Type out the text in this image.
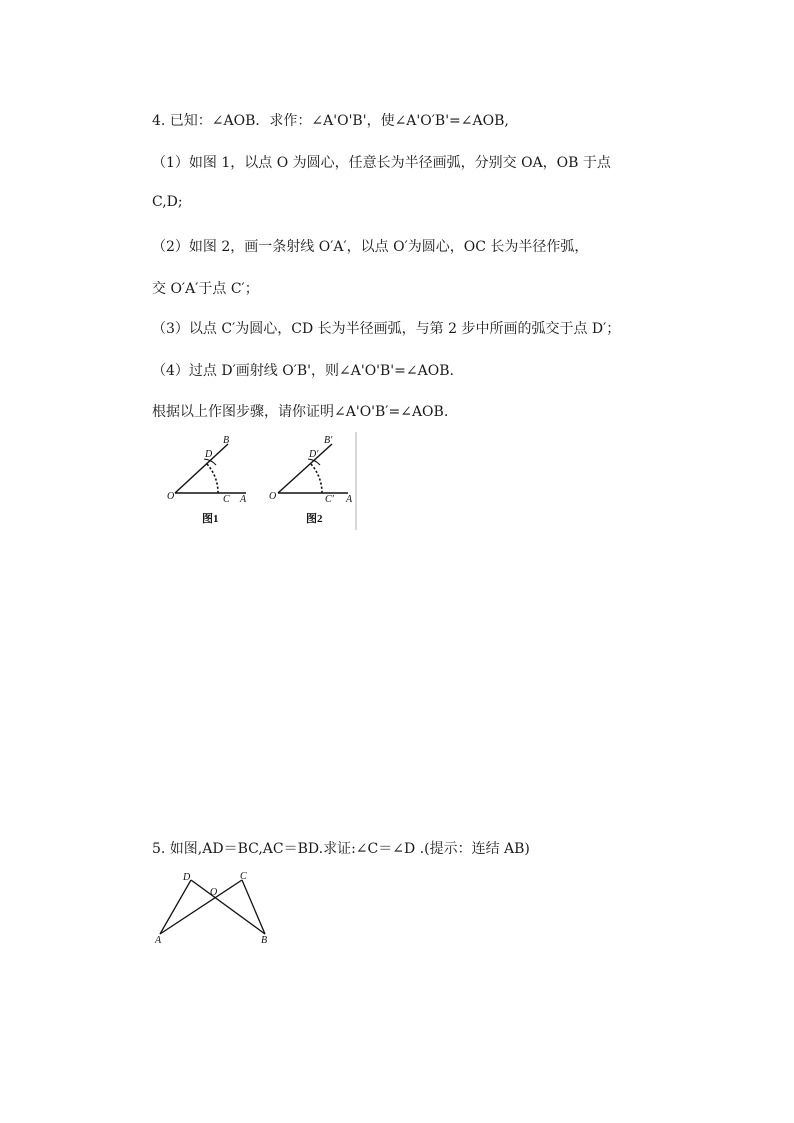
4. 已知：∠AOB．求作：∠A'O'B'，使∠A'O′B'=∠AOB,
（1）如图 1，以点 O 为圆心，任意长为半径画弧，分别交 OA，OB 于点
C,D;
（2）如图 2，画一条射线 O′A′，以点 O′为圆心，OC 长为半径作弧，
交 O′A′于点 C′；
（3）以点 C′为圆心，CD 长为半径画弧，与第 2 步中所画的弧交于点 D′；
（4）过点 D′画射线 O′B'，则∠A'O'B'=∠AOB.
根据以上作图步骤，请你证明∠A'O'B′=∠AOB.
B
D
O	C A
图1
B′
D′
O	C′ A
图2
5. 如图,AD＝BC,AC＝BD.求证:∠C＝∠D .(提示：连结 AB)
D	C
O
A	B
